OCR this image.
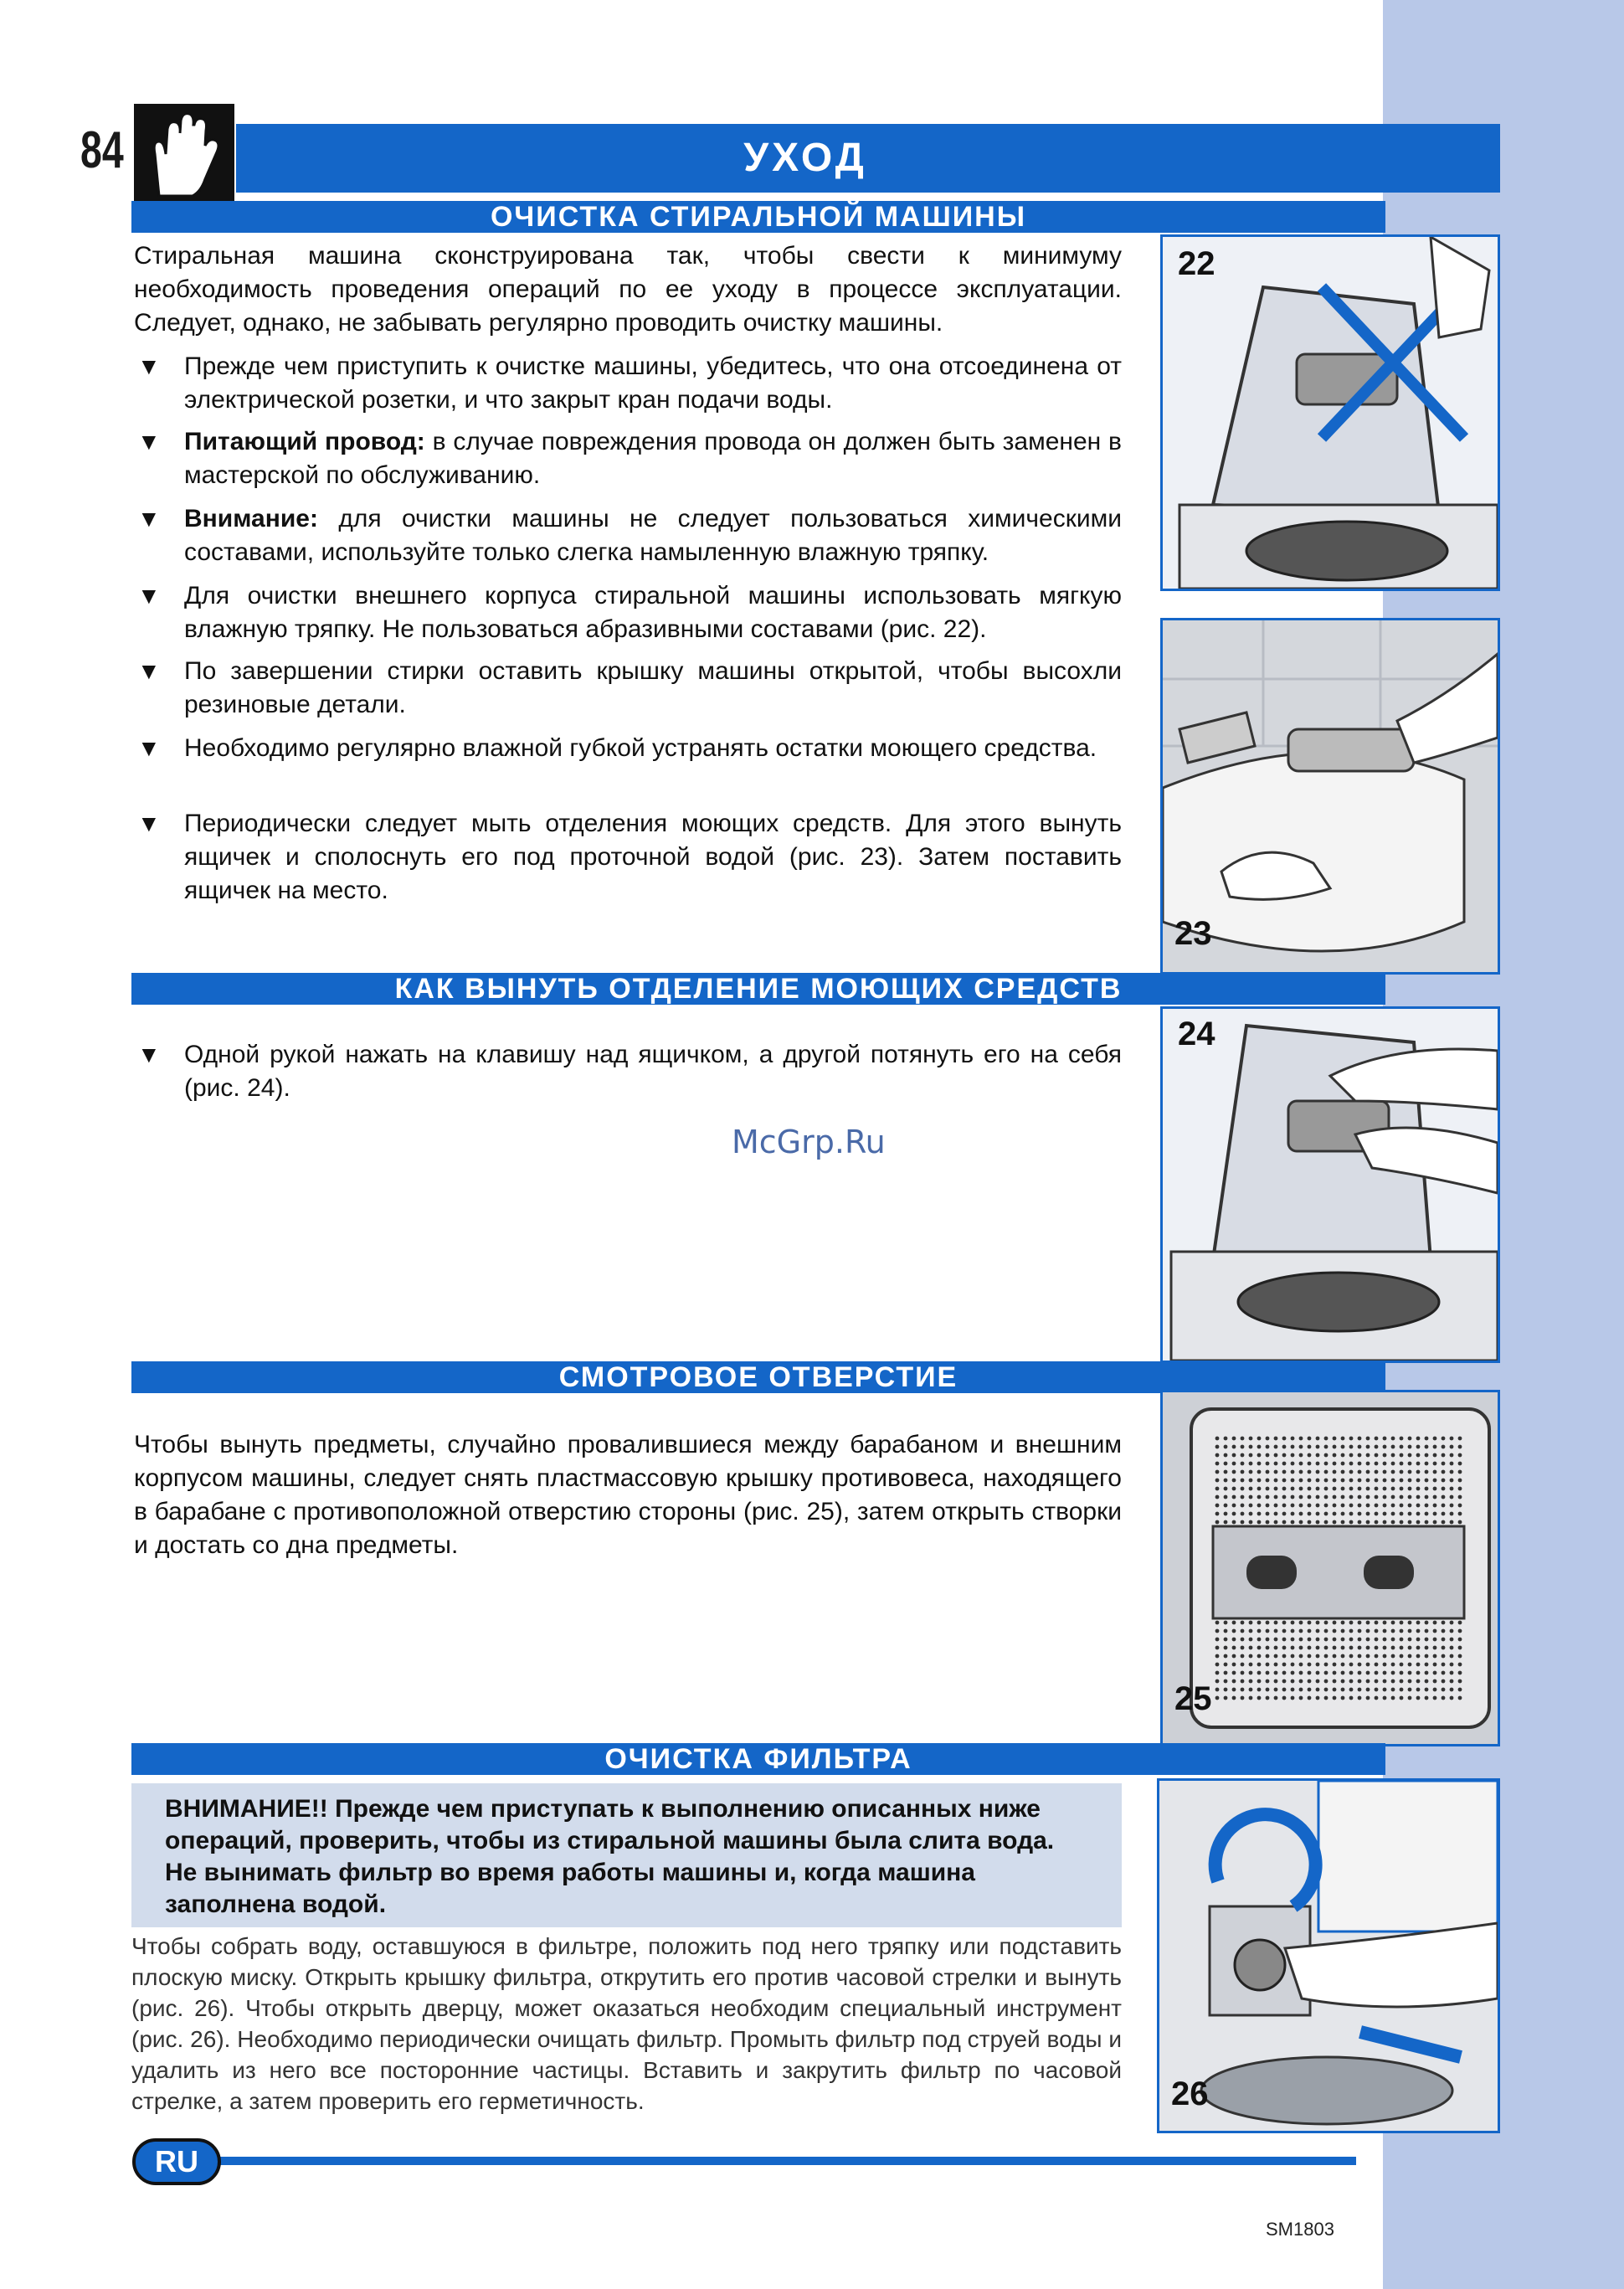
84	УХОД
ОЧИСТКА СТИРАЛЬНОЙ МАШИНЫ
Стиральная машина сконструирована так, чтобы свести к минимуму необходимость проведения операций по ее уходу в процессе эксплуатации. Следует, однако, не забывать регулярно проводить очистку машины.
▼ Прежде чем приступить к очистке машины, убедитесь, что она отсоединена от электрической розетки, и что закрыт кран подачи воды.
▼ Питающий провод: в случае повреждения провода он должен быть заменен в мастерской по обслуживанию.
▼ Внимание: для очистки машины не следует пользоваться химическими составами, используйте только слегка намыленную влажную тряпку.
▼ Для очистки внешнего корпуса стиральной машины использовать мягкую влажную тряпку. Не пользоваться абразивными составами (рис. 22).
▼ По завершении стирки оставить крышку машины открытой, чтобы высохли резиновые детали.
▼ Необходимо регулярно влажной губкой устранять остатки моющего средства.
▼ Периодически следует мыть отделения моющих средств. Для этого вынуть ящичек и сполоснуть его под проточной водой (рис. 23). Затем поставить ящичек на место.
22
23
КАК ВЫНУТЬ ОТДЕЛЕНИЕ МОЮЩИХ СРЕДСТВ
▼ Одной рукой нажать на клавишу над ящичком, а другой потянуть его на себя (рис. 24).
24
McGrp.Ru
СМОТРОВОЕ ОТВЕРСТИЕ
Чтобы вынуть предметы, случайно провалившиеся между барабаном и внешним корпусом машины, следует снять пластмассовую крышку противовеса, находящего в барабане с противоположной отверстию стороны (рис. 25), затем открыть створки и достать со дна предметы.
25
ОЧИСТКА ФИЛЬТРА
ВНИМАНИЕ!! Прежде чем приступать к выполнению описанных ниже операций, проверить, чтобы из стиральной машины была слита вода. Не вынимать фильтр во время работы машины и, когда машина заполнена водой.
Чтобы собрать воду, оставшуюся в фильтре, положить под него тряпку или подставить плоскую миску. Открыть крышку фильтра, открутить его против часовой стрелки и вынуть (рис. 26). Чтобы открыть дверцу, может оказаться необходим специальный инструмент (рис. 26). Необходимо периодически очищать фильтр. Промыть фильтр под струей воды и удалить из него все посторонние частицы. Вставить и закрутить фильтр по часовой стрелке, а затем проверить его герметичность.	26
RU
SM1803
